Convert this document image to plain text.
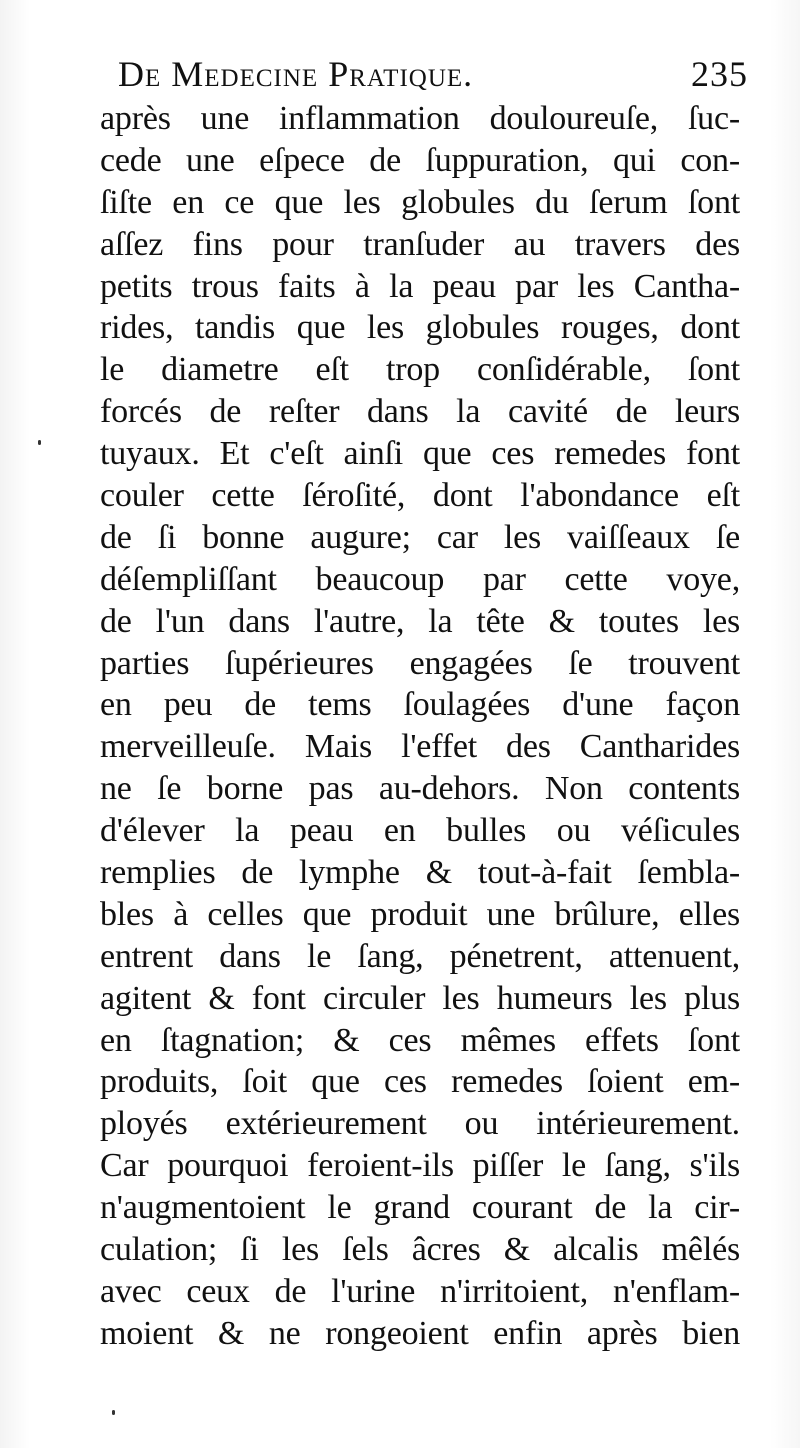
De Medecine Pratique.	235
après une inflammation douloureuſe, ſuc-
cede une eſpece de ſuppuration, qui con-
ſiſte en ce que les globules du ſerum ſont
aſſez fins pour tranſuder au travers des
petits trous faits à la peau par les Cantha-
rides, tandis que les globules rouges, dont
le diametre eſt trop conſidérable, ſont
forcés de reſter dans la cavité de leurs
tuyaux. Et c'eſt ainſi que ces remedes font
couler cette ſéroſité, dont l'abondance eſt
de ſi bonne augure; car les vaiſſeaux ſe
déſempliſſant beaucoup par cette voye,
de l'un dans l'autre, la tête & toutes les
parties ſupérieures engagées ſe trouvent
en peu de tems ſoulagées d'une façon
merveilleuſe. Mais l'effet des Cantharides
ne ſe borne pas au-dehors. Non contents
d'élever la peau en bulles ou véſicules
remplies de lymphe & tout-à-fait ſembla-
bles à celles que produit une brûlure, elles
entrent dans le ſang, pénetrent, attenuent,
agitent & font circuler les humeurs les plus
en ſtagnation; & ces mêmes effets ſont
produits, ſoit que ces remedes ſoient em-
ployés extérieurement ou intérieurement.
Car pourquoi feroient-ils piſſer le ſang, s'ils
n'augmentoient le grand courant de la cir-
culation; ſi les ſels âcres & alcalis mêlés
avec ceux de l'urine n'irritoient, n'enflam-
moient & ne rongeoient enfin après bien
